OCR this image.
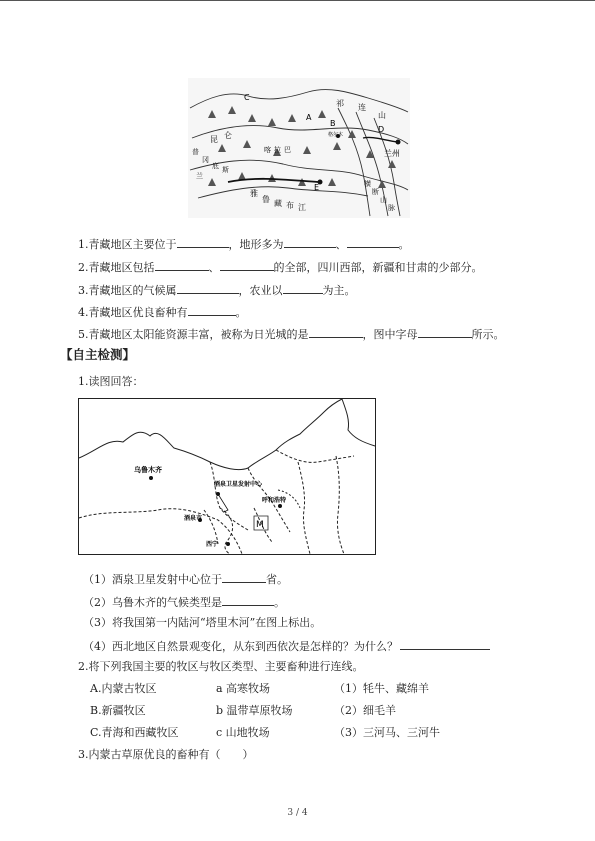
A
B
C
D
E
兰州
格尔木
祁 连
山
昆 仑
喀 拉 巴
雅
鲁 藏 布 江
冈
底 斯
普
兰
横
断
山
脉
1.青藏地区主要位于	，地形多为	、	。
2.青藏地区包括	、	的全部，四川西部，新疆和甘肃的少部分。
3.青藏地区的气候属	，农业以	为主。
4.青藏地区优良畜种有	。
5.青藏地区太阳能资源丰富，被称为日光城的是	，图中字母	所示。
【自主检测】
1.读图回答：
乌鲁木齐
酒泉卫星发射中心
呼和浩特
酒泉市
西宁
M
（1）酒泉卫星发射中心位于	省。
（2）乌鲁木齐的气候类型是	。
（3）将我国第一内陆河“塔里木河”在图上标出。
（4）西北地区自然景观变化，从东到西依次是怎样的？为什么？
2.将下列我国主要的牧区与牧区类型、主要畜种进行连线。
A.内蒙古牧区	a 高寒牧场	（1）牦牛、藏绵羊
B.新疆牧区	b 温带草原牧场	（2）细毛羊
C.青海和西藏牧区	c 山地牧场	（3）三河马、三河牛
3.内蒙古草原优良的畜种有（　　）
3 / 4
